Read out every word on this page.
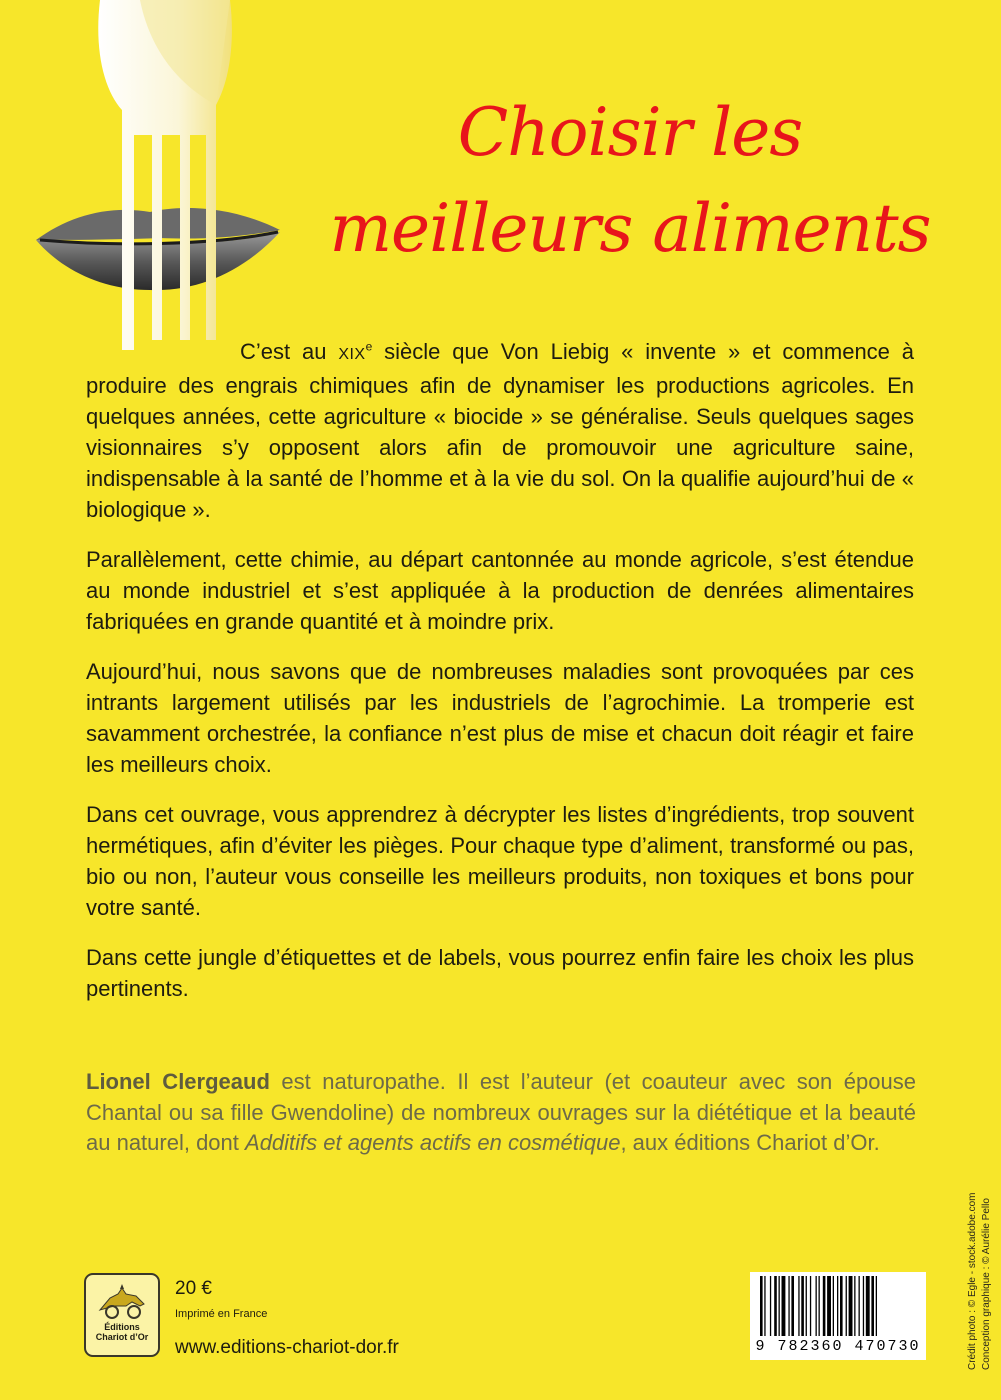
Choisir les
meilleurs aliments

C’est au XIXe siècle que Von Liebig « invente » et commence à produire des engrais chimiques afin de dynamiser les productions agricoles. En quelques années, cette agriculture « biocide » se généralise. Seuls quelques sages visionnaires s’y opposent alors afin de promouvoir une agriculture saine, indispensable à la santé de l’homme et à la vie du sol. On la qualifie aujourd’hui de « biologique ».

Parallèlement, cette chimie, au départ cantonnée au monde agricole, s’est étendue au monde industriel et s’est appliquée à la production de denrées alimentaires fabriquées en grande quantité et à moindre prix.

Aujourd’hui, nous savons que de nombreuses maladies sont provoquées par ces intrants largement utilisés par les industriels de l’agrochimie. La tromperie est savamment orchestrée, la confiance n’est plus de mise et chacun doit réagir et faire les meilleurs choix.

Dans cet ouvrage, vous apprendrez à décrypter les listes d’ingrédients, trop souvent hermétiques, afin d’éviter les pièges. Pour chaque type d’aliment, transformé ou pas, bio ou non, l’auteur vous conseille les meilleurs produits, non toxiques et bons pour votre santé.

Dans cette jungle d’étiquettes et de labels, vous pourrez enfin faire les choix les plus pertinents.

Lionel Clergeaud est naturopathe. Il est l’auteur (et coauteur avec son épouse Chantal ou sa fille Gwendoline) de nombreux ouvrages sur la diététique et la beauté au naturel, dont Additifs et agents actifs en cosmétique, aux éditions Chariot d’Or.

Éditions
Chariot d’Or
20 €
Imprimé en France
www.editions-chariot-dor.fr	9 782360 470730	Crédit photo : © Egle - stock.adobe.com Conception graphique : © Aurélie Pello
